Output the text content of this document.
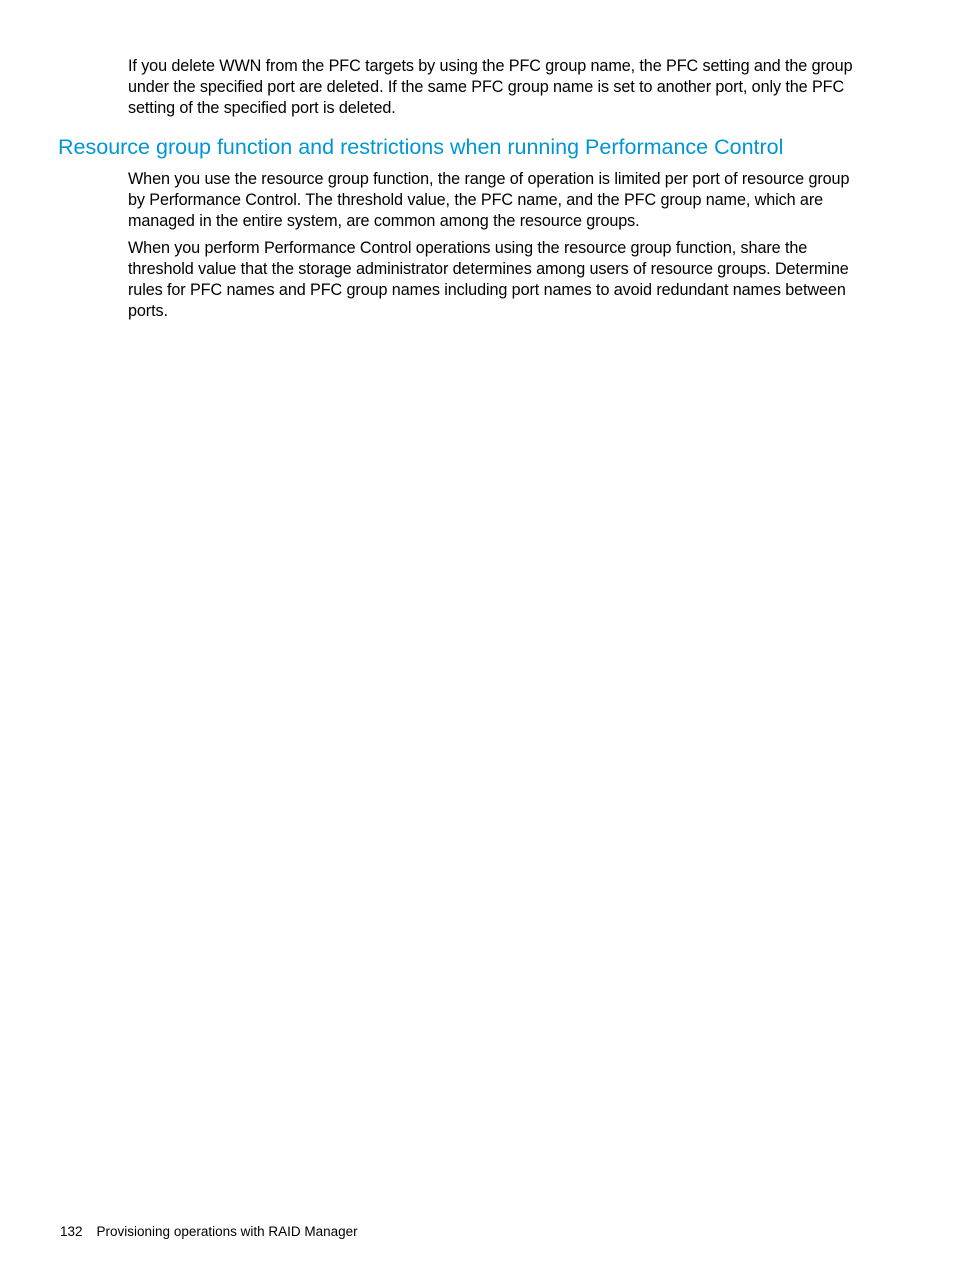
If you delete WWN from the PFC targets by using the PFC group name, the PFC setting and the group under the specified port are deleted. If the same PFC group name is set to another port, only the PFC setting of the specified port is deleted.

Resource group function and restrictions when running Performance Control

When you use the resource group function, the range of operation is limited per port of resource group by Performance Control. The threshold value, the PFC name, and the PFC group name, which are managed in the entire system, are common among the resource groups.

When you perform Performance Control operations using the resource group function, share the threshold value that the storage administrator determines among users of resource groups. Determine rules for PFC names and PFC group names including port names to avoid redundant names between ports.

132 Provisioning operations with RAID Manager
